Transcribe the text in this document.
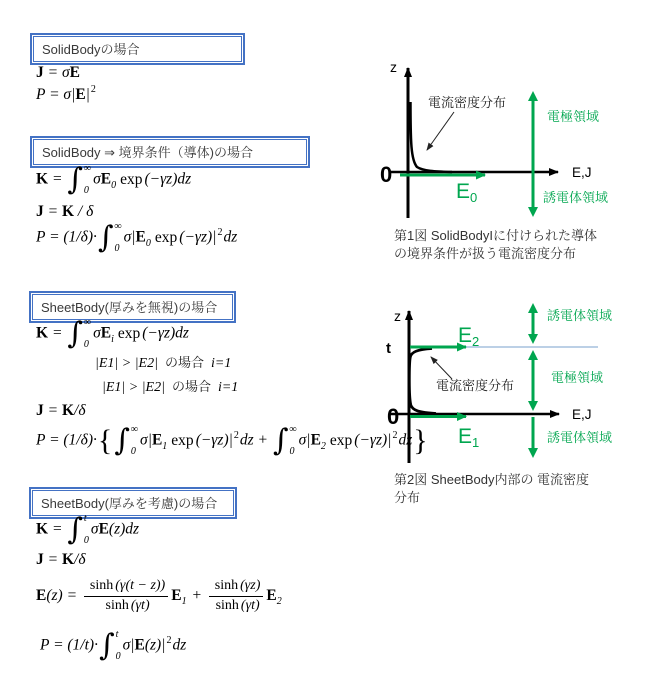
SolidBodyの場合
J = σE
$P = \sigma|E|^2$
SolidBody ⇒ 境界条件（導体)の場合
K = ∫ ∞
0
$\sigma E_0$ exp (−γz)dz
J = K / δ
P = (1/δ)· ∫ ∞
0
$\sigma|E_0$ $\exp (-\gamma z)|^2dz$
SheetBody(厚みを無視)の場合
K = ∫ ∞
0
$\sigma E_i$ exp (−γz)dz
|E1| > |E2| の場合 i=1
|E1| > |E2| の場合 i=1
J = K/δ
P = (1/δ)·{ ∫ ∞
0
$\sigma|E_1$ $\exp (-\gamma z)|^2dz$ + ∫ ∞
0
$\sigma|E_2$ $\exp (-\gamma z)|^2dz$}
SheetBody(厚みを考慮)の場合
K = ∫ t
0
σE(z)dz
J = K/δ
$E(z) = \frac{\sinh (\gamma(t - z))}{\sinh (\gamma t)} E_1 + \frac{\sinh (\gamma z)}{\sinh (\gamma t)} E_2$
P = (1/t)· ∫ t
0
$\sigma|E(z)|^2dz$
z
0	E,J
電流密度分布
E0
電極領域
誘電体領域
第1図 SolidBodyIに付けられた導体
の境界条件が扱う電流密度分布
z
t
0	E,J
電流密度分布
E2
E1
誘電体領域
電極領域
誘電体領域
第2図 SheetBody内部の 電流密度
分布
